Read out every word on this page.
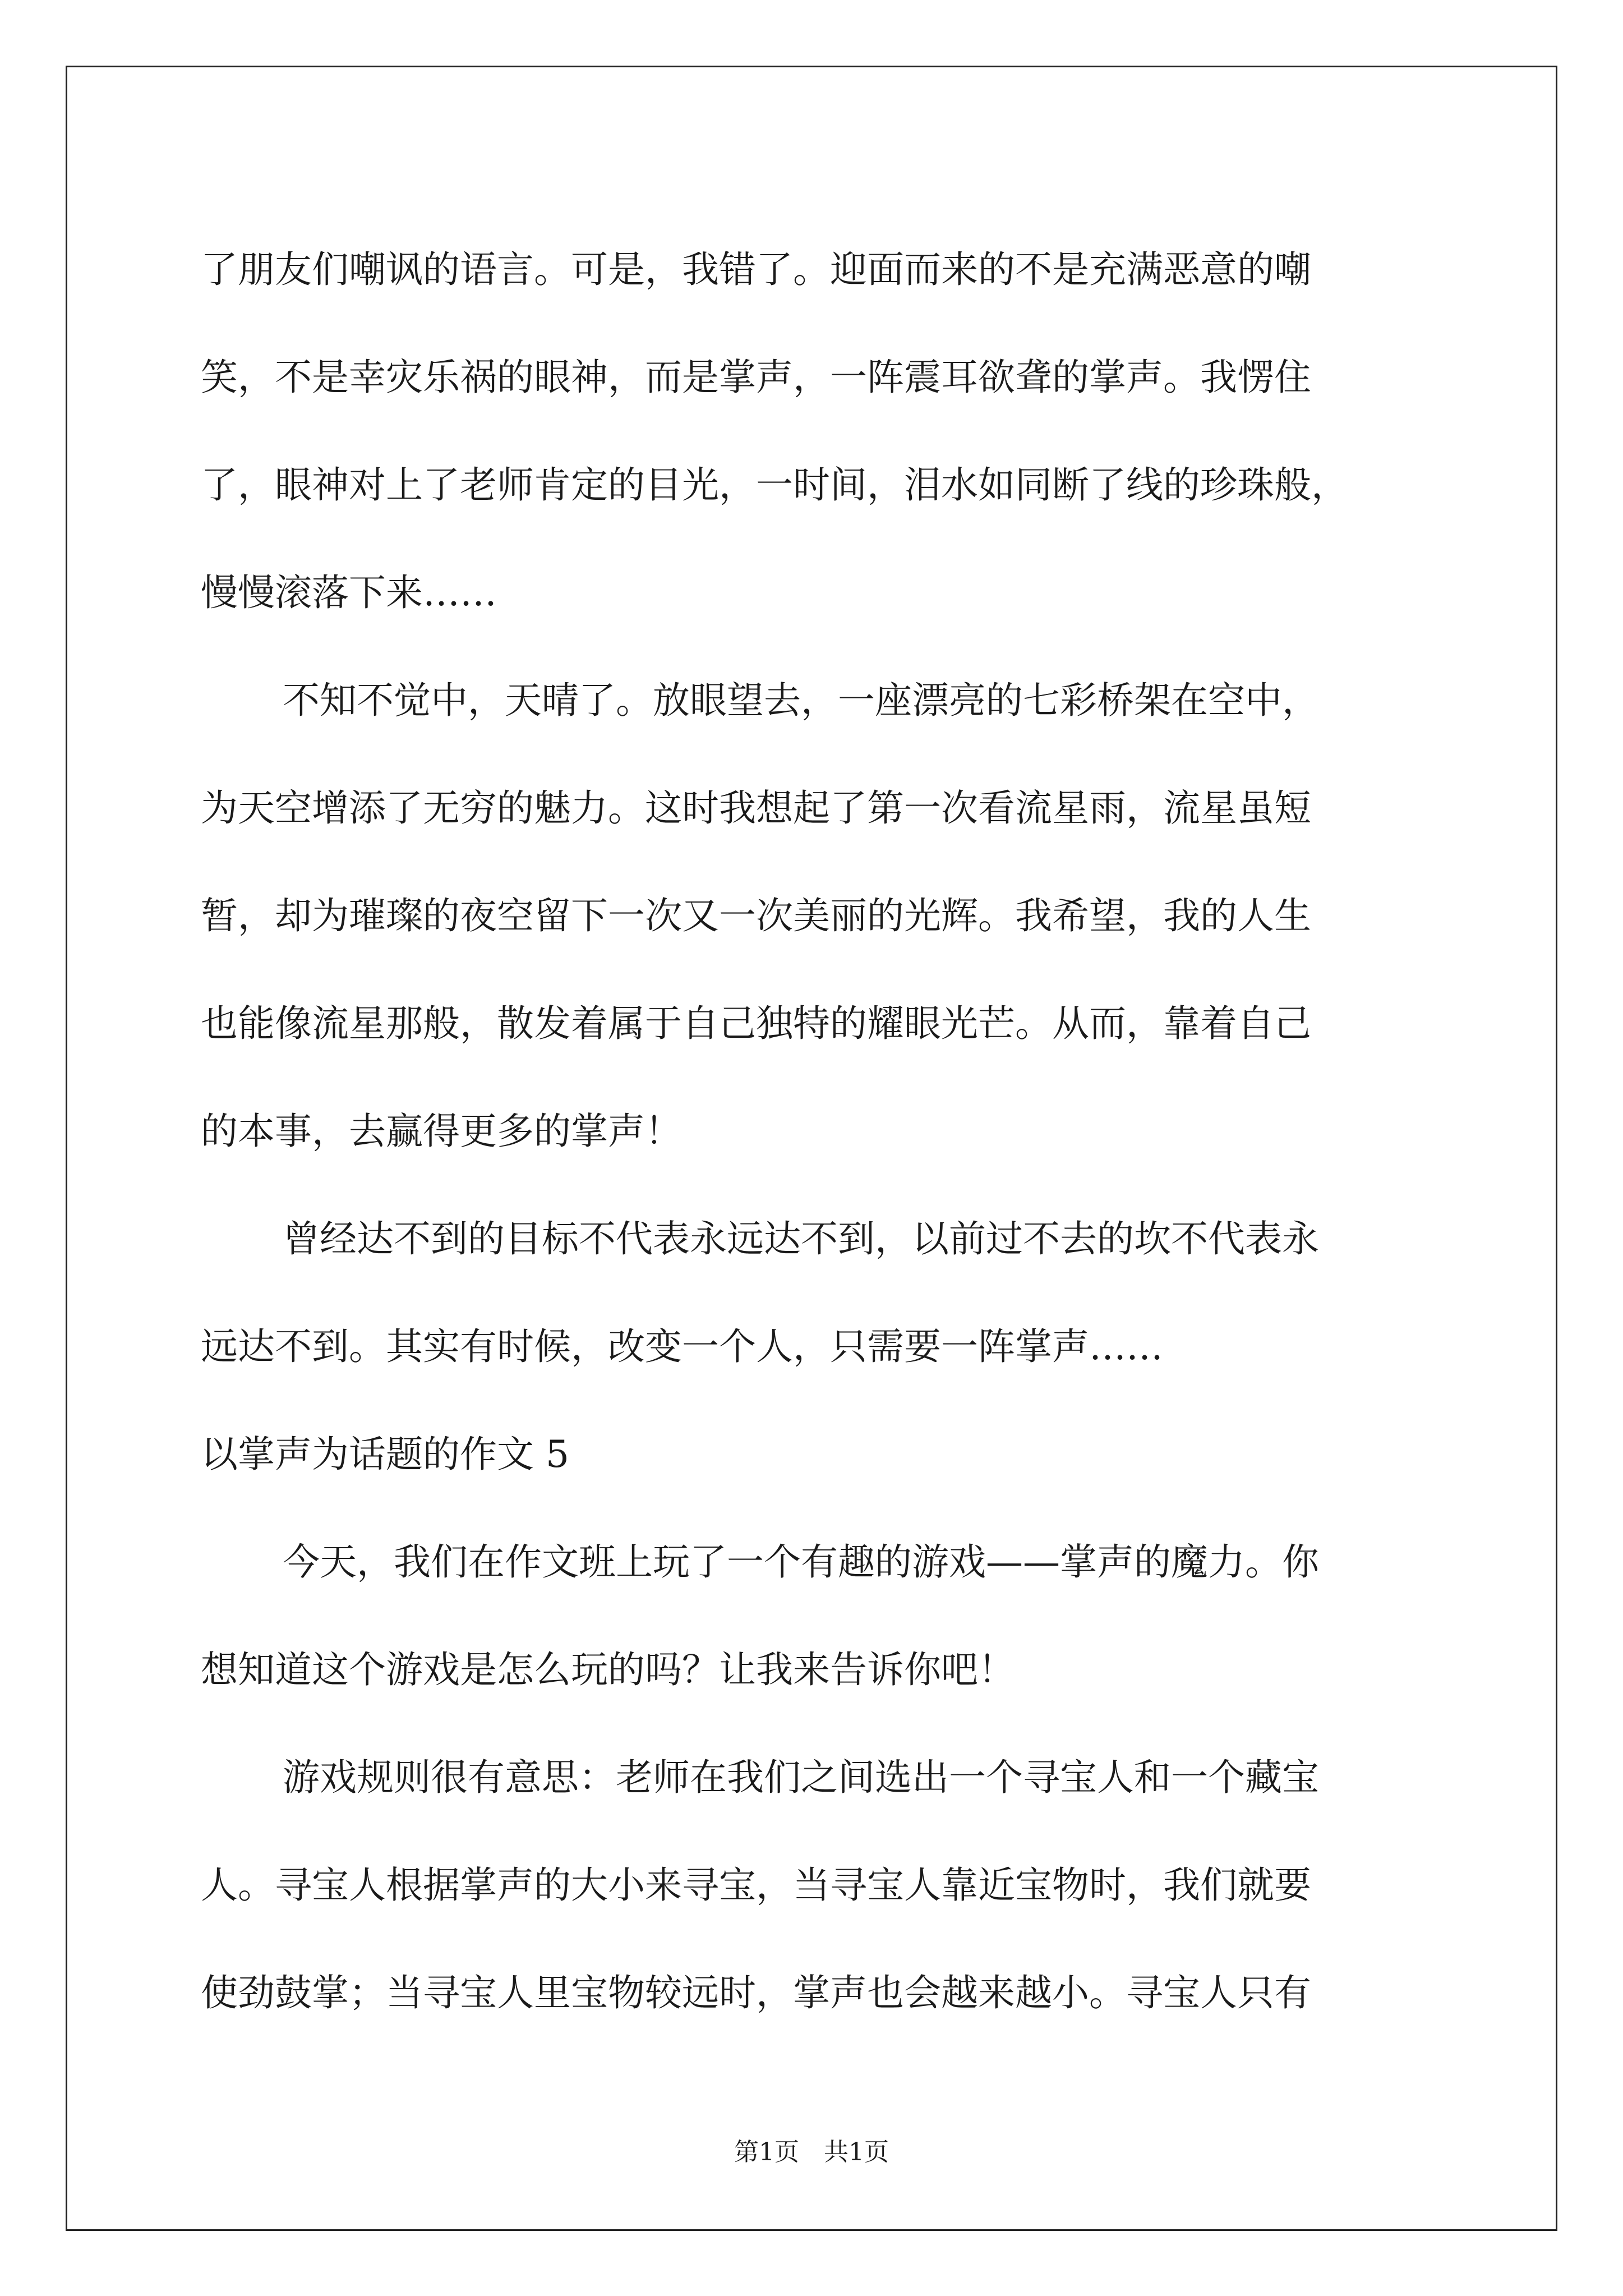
了朋友们嘲讽的语言。可是，我错了。迎面而来的不是充满恶意的嘲
笑，不是幸灾乐祸的眼神，而是掌声，一阵震耳欲聋的掌声。我愣住
了，眼神对上了老师肯定的目光，一时间，泪水如同断了线的珍珠般，
慢慢滚落下来……
不知不觉中，天晴了。放眼望去，一座漂亮的七彩桥架在空中，
为天空增添了无穷的魅力。这时我想起了第一次看流星雨，流星虽短
暂，却为璀璨的夜空留下一次又一次美丽的光辉。我希望，我的人生
也能像流星那般，散发着属于自己独特的耀眼光芒。从而，靠着自己
的本事，去赢得更多的掌声！
曾经达不到的目标不代表永远达不到，以前过不去的坎不代表永
远达不到。其实有时候，改变一个人，只需要一阵掌声……
以掌声为话题的作文 5
今天，我们在作文班上玩了一个有趣的游戏——掌声的魔力。你
想知道这个游戏是怎么玩的吗？让我来告诉你吧！
游戏规则很有意思：老师在我们之间选出一个寻宝人和一个藏宝
人。寻宝人根据掌声的大小来寻宝，当寻宝人靠近宝物时，我们就要
使劲鼓掌；当寻宝人里宝物较远时，掌声也会越来越小。寻宝人只有
第1页　共1页
